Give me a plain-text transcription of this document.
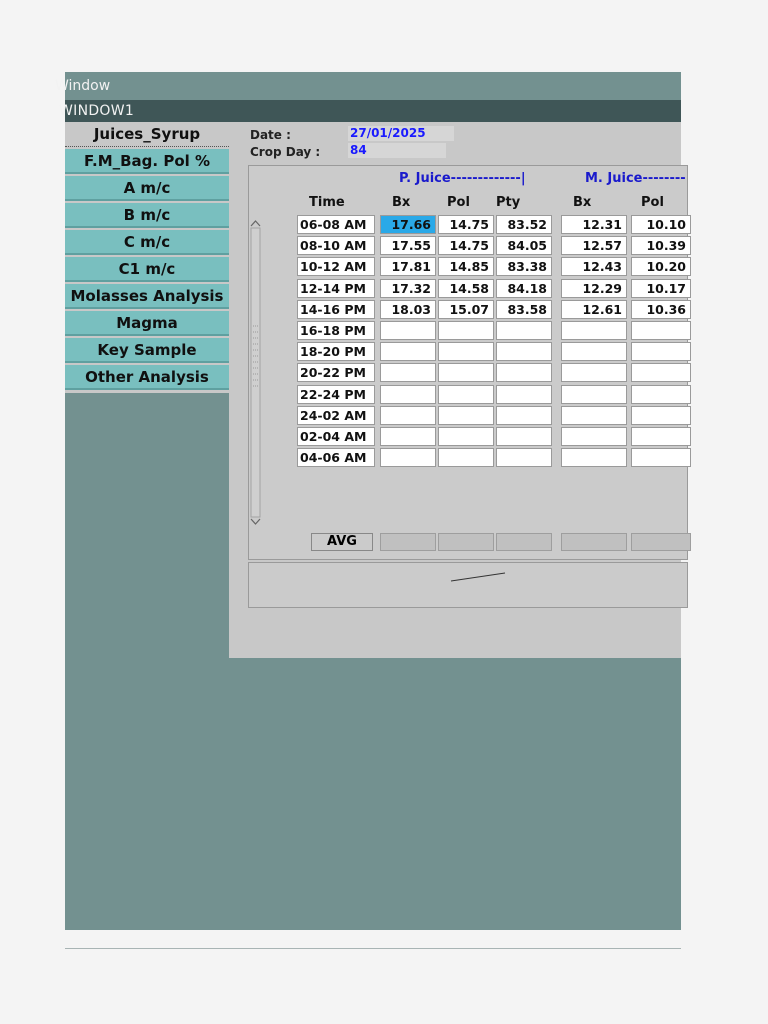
Window
WINDOW1
Juices_Syrup
F.M_Bag. Pol %
A m/c
B m/c
C m/c
C1 m/c
Molasses Analysis
Magma
Key Sample
Other Analysis
Date :	27/01/2025
Crop Day : 84
P. Juice-------------|	M. Juice--------
Time	Bx	Pol Pty	Bx	Pol
06-08 AM	17.66	14.75	83.52	12.31	10.10
08-10 AM	17.55	14.75	84.05	12.57	10.39
10-12 AM	17.81	14.85	83.38	12.43	10.20
12-14 PM	17.32	14.58	84.18	12.29	10.17
14-16 PM	18.03	15.07	83.58	12.61	10.36
16-18 PM
18-20 PM
20-22 PM
22-24 PM
24-02 AM
02-04 AM
04-06 AM
AVG
